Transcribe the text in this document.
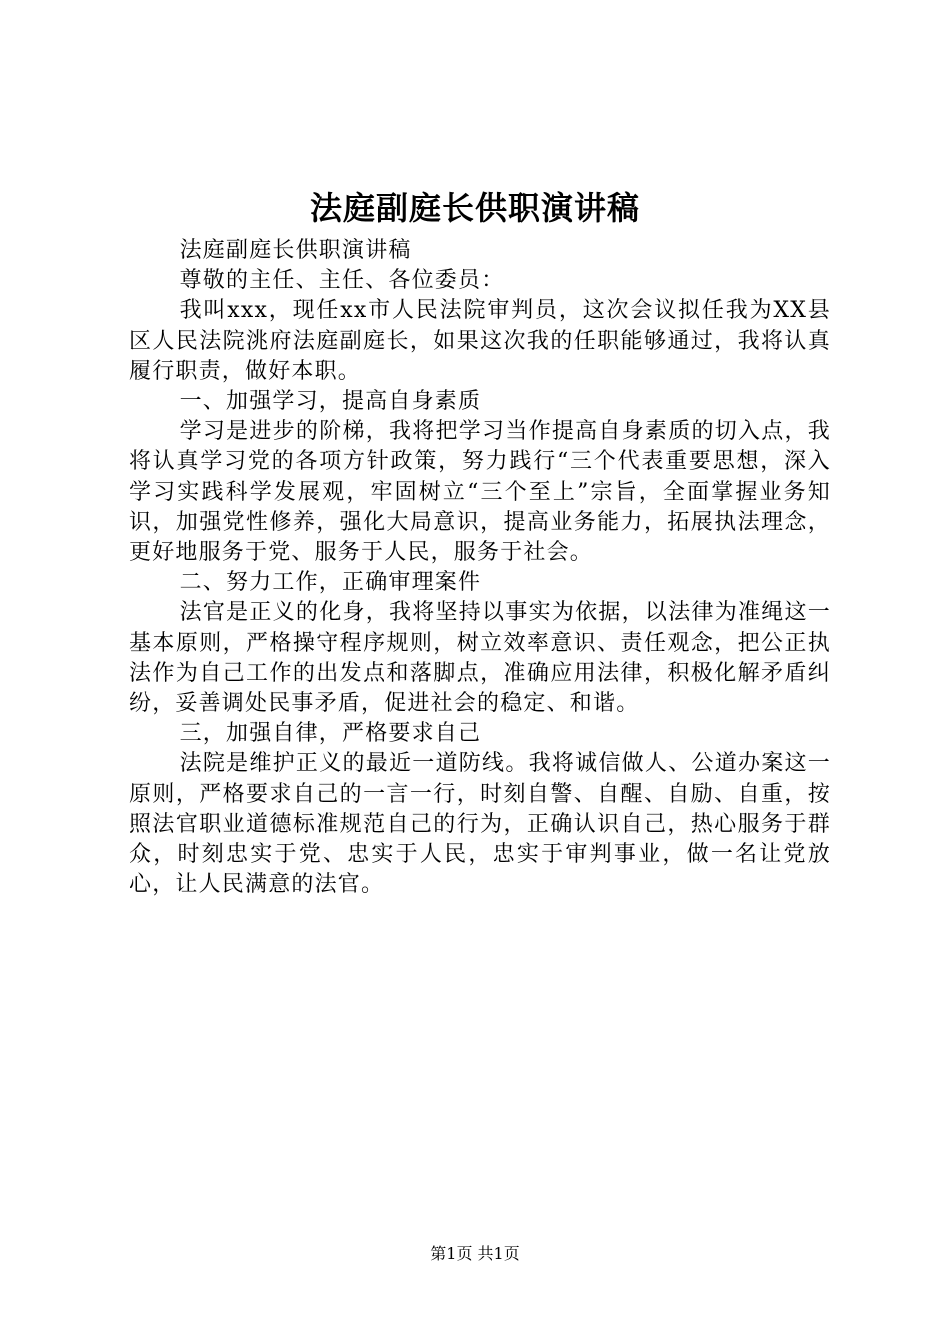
法庭副庭长供职演讲稿

法庭副庭长供职演讲稿

尊敬的主任、主任、各位委员：

我叫xxx，现任xx市人民法院审判员，这次会议拟任我为XX县区人民法院洮府法庭副庭长，如果这次我的任职能够通过，我将认真履行职责，做好本职。

一、加强学习，提高自身素质

学习是进步的阶梯，我将把学习当作提高自身素质的切入点，我将认真学习党的各项方针政策，努力践行“三个代表重要思想，深入学习实践科学发展观，牢固树立“三个至上”宗旨，全面掌握业务知识，加强党性修养，强化大局意识，提高业务能力，拓展执法理念，更好地服务于党、服务于人民，服务于社会。

二、努力工作，正确审理案件

法官是正义的化身，我将坚持以事实为依据，以法律为准绳这一基本原则，严格操守程序规则，树立效率意识、责任观念，把公正执法作为自己工作的出发点和落脚点，准确应用法律，积极化解矛盾纠纷，妥善调处民事矛盾，促进社会的稳定、和谐。

三，加强自律，严格要求自己

法院是维护正义的最近一道防线。我将诚信做人、公道办案这一原则，严格要求自己的一言一行，时刻自警、自醒、自励、自重，按照法官职业道德标准规范自己的行为，正确认识自己，热心服务于群众，时刻忠实于党、忠实于人民，忠实于审判事业，做一名让党放心，让人民满意的法官。

第1页 共1页
